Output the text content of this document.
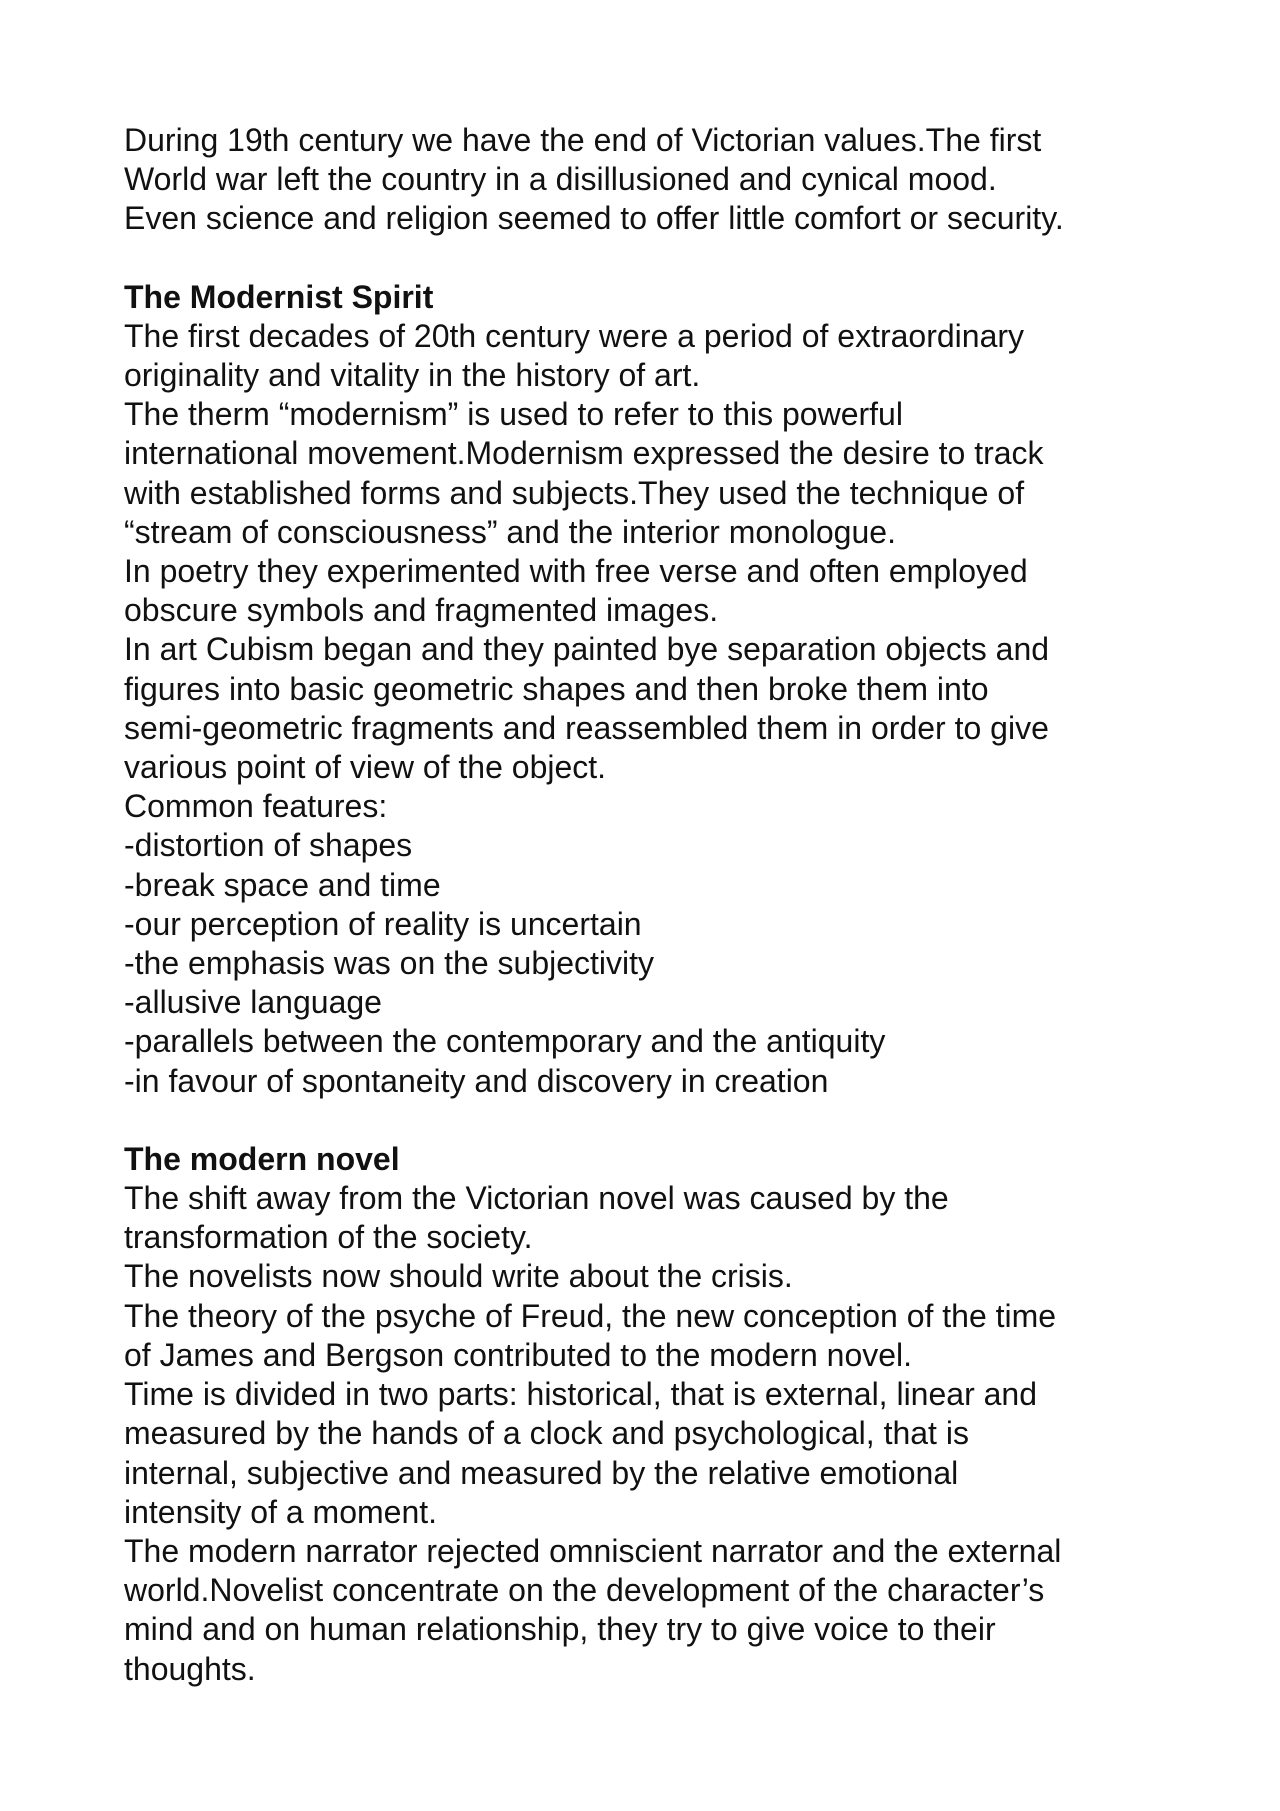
During 19th century we have the end of Victorian values.The first
World war left the country in a disillusioned and cynical mood.
Even science and religion seemed to offer little comfort or security.
The Modernist Spirit
The first decades of 20th century were a period of extraordinary
originality and vitality in the history of art.
The therm “modernism” is used to refer to this powerful
international movement.Modernism expressed the desire to track
with established forms and subjects.They used the technique of
“stream of consciousness” and the interior monologue.
In poetry they experimented with free verse and often employed
obscure symbols and fragmented images.
In art Cubism began and they painted bye separation objects and
figures into basic geometric shapes and then broke them into
semi-geometric fragments and reassembled them in order to give
various point of view of the object.
Common features:
-distortion of shapes
-break space and time
-our perception of reality is uncertain
-the emphasis was on the subjectivity
-allusive language
-parallels between the contemporary and the antiquity
-in favour of spontaneity and discovery in creation
The modern novel
The shift away from the Victorian novel was caused by the
transformation of the society.
The novelists now should write about the crisis.
The theory of the psyche of Freud, the new conception of the time
of James and Bergson contributed to the modern novel.
Time is divided in two parts: historical, that is external, linear and
measured by the hands of a clock and psychological, that is
internal, subjective and measured by the relative emotional
intensity of a moment.
The modern narrator rejected omniscient narrator and the external
world.Novelist concentrate on the development of the character’s
mind and on human relationship, they try to give voice to their
thoughts.
